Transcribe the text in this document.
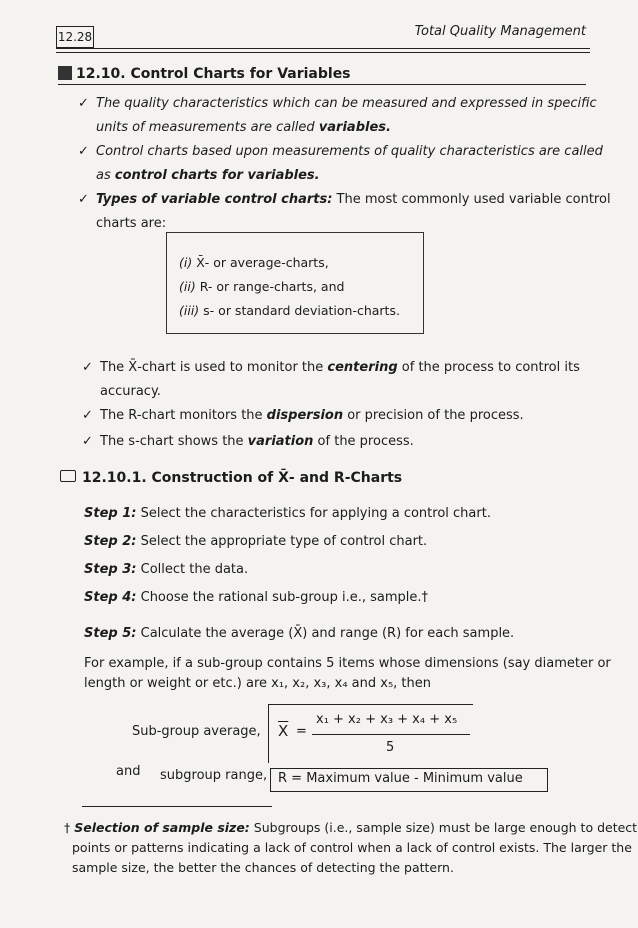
12.28	Total Quality Management
12.10. Control Charts for Variables
✓ The quality characteristics which can be measured and expressed in specific
units of measurements are called variables.
✓ Control charts based upon measurements of quality characteristics are called
as control charts for variables.
✓ Types of variable control charts: The most commonly used variable control
charts are:
(i) X̄- or average-charts,
(ii) R- or range-charts, and
(iii) s- or standard deviation-charts.
✓ The X̄-chart is used to monitor the centering of the process to control its
accuracy.
✓ The R-chart monitors the dispersion or precision of the process.
✓ The s-chart shows the variation of the process.
12.10.1. Construction of X̄- and R-Charts
Step 1: Select the characteristics for applying a control chart.
Step 2: Select the appropriate type of control chart.
Step 3: Collect the data.
Step 4: Choose the rational sub-group i.e., sample.†
Step 5: Calculate the average (X̄) and range (R) for each sample.
For example, if a sub-group contains 5 items whose dimensions (say diameter or
length or weight or etc.) are x₁, x₂, x₃, x₄ and x₅, then
Sub-group average, $\overline{X}$ =
x₁ + x₂ + x₃ + x₄ + x₅
5
and subgroup range, R = Maximum value - Minimum value
† Selection of sample size: Subgroups (i.e., sample size) must be large enough to detect
points or patterns indicating a lack of control when a lack of control exists. The larger the
sample size, the better the chances of detecting the pattern.
